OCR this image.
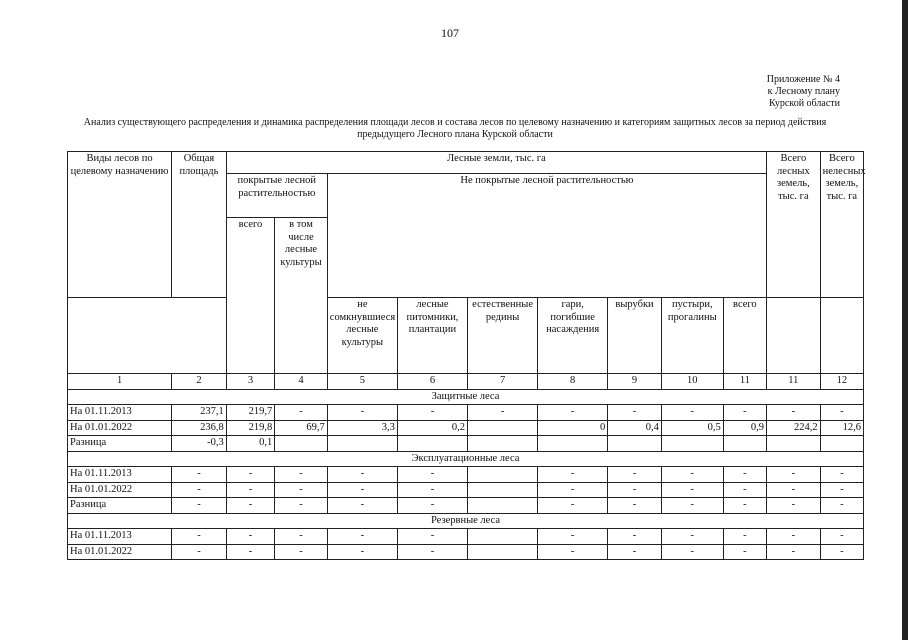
107
Приложение № 4
к Лесному плану
Курской области
Анализ существующего распределения и динамика распределения площади лесов и состава лесов по целевому назначению и категориям защитных лесов за период действия предыдущего Лесного плана Курской области
Виды лесов по целевому назначению	Общая площадь	Лесные земли, тыс. га									Всего лесных земель, тыс. га	Всего нелесных земель, тыс. га
		покрытые лесной растительностью		Не покрытые лесной растительностью								
		всего	в том числе лесные культуры									
				не сомкнувшиеся лесные культуры	лесные питомники, плантации	естественные редины	гари, погибшие насаждения	вырубки	пустыри, прогалины	всего		
1	2	3	4	5	6	7	8	9	10	11	11	12
Защитные леса												
На 01.11.2013	237,1	219,7	-	-	-	-	-	-	-	-	-	-
На 01.01.2022	236,8	219,8	69,7	3,3	0,2		0	0,4	0,5	0,9	224,2	12,6
Разница	-0,3	0,1										
Эксплуатационные леса												
На 01.11.2013	-	-	-	-	-		-	-	-	-	-	-
На 01.01.2022	-	-	-	-	-		-	-	-	-	-	-
Разница	-	-	-	-	-		-	-	-	-	-	-
Резервные леса												
На 01.11.2013	-	-	-	-	-		-	-	-	-	-	-
На 01.01.2022	-	-	-	-	-		-	-	-	-	-	-
